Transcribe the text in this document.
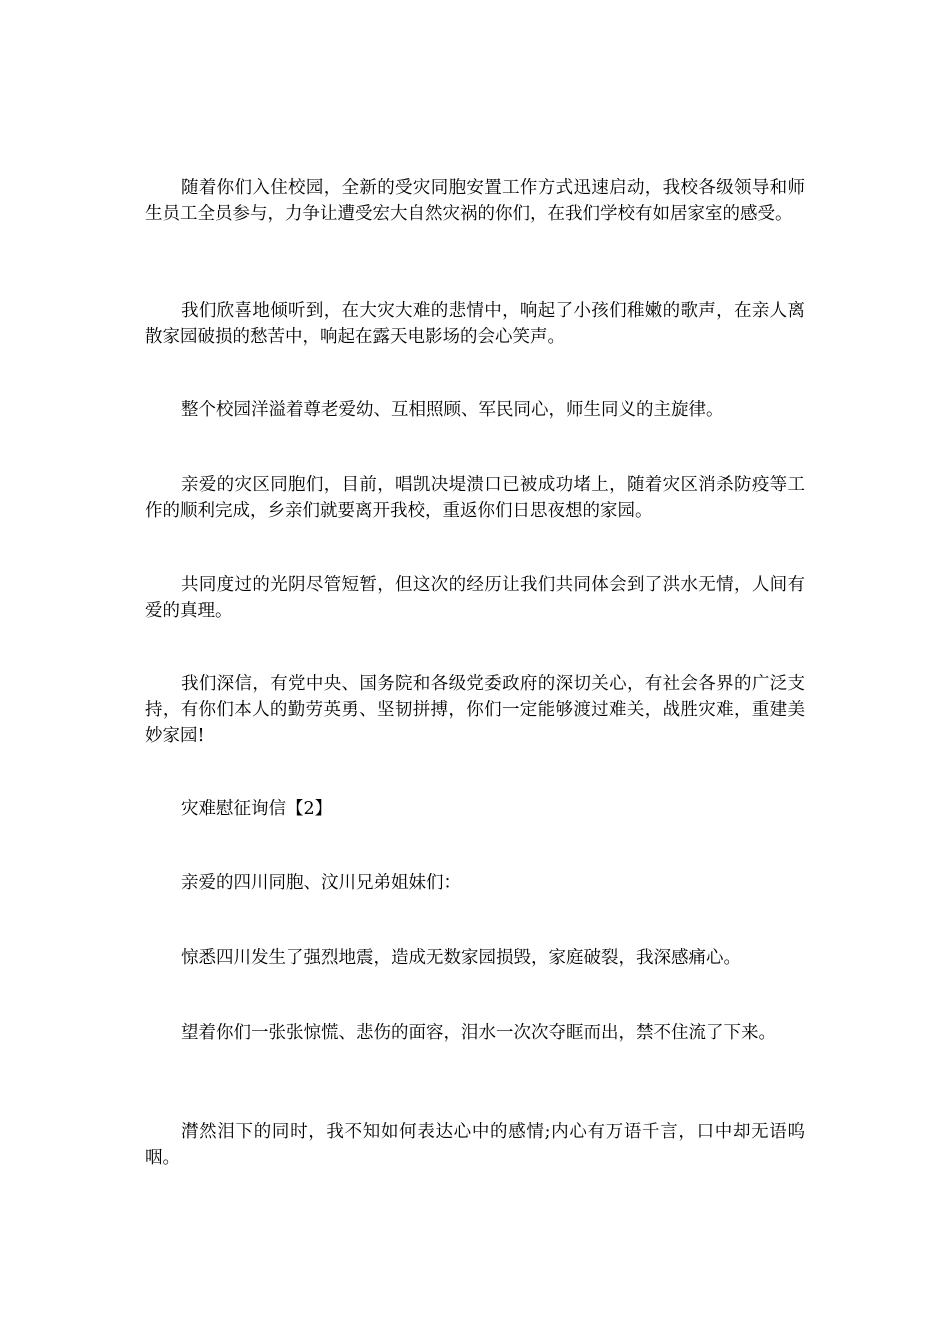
随着你们入住校园，全新的受灾同胞安置工作方式迅速启动，我校各级领导和师生员工全员参与，力争让遭受宏大自然灾祸的你们，在我们学校有如居家室的感受。

我们欣喜地倾听到，在大灾大难的悲情中，响起了小孩们稚嫩的歌声，在亲人离散家园破损的愁苦中，响起在露天电影场的会心笑声。

整个校园洋溢着尊老爱幼、互相照顾、军民同心，师生同义的主旋律。

亲爱的灾区同胞们，目前，唱凯决堤溃口已被成功堵上，随着灾区消杀防疫等工作的顺利完成，乡亲们就要离开我校，重返你们日思夜想的家园。

共同度过的光阴尽管短暂，但这次的经历让我们共同体会到了洪水无情，人间有爱的真理。

我们深信，有党中央、国务院和各级党委政府的深切关心，有社会各界的广泛支持，有你们本人的勤劳英勇、坚韧拼搏，你们一定能够渡过难关，战胜灾难，重建美妙家园!

灾难慰征询信【2】

亲爱的四川同胞、汶川兄弟姐妹们：

惊悉四川发生了强烈地震，造成无数家园损毁，家庭破裂，我深感痛心。

望着你们一张张惊慌、悲伤的面容，泪水一次次夺眶而出，禁不住流了下来。

潸然泪下的同时，我不知如何表达心中的感情;内心有万语千言，口中却无语呜咽。
